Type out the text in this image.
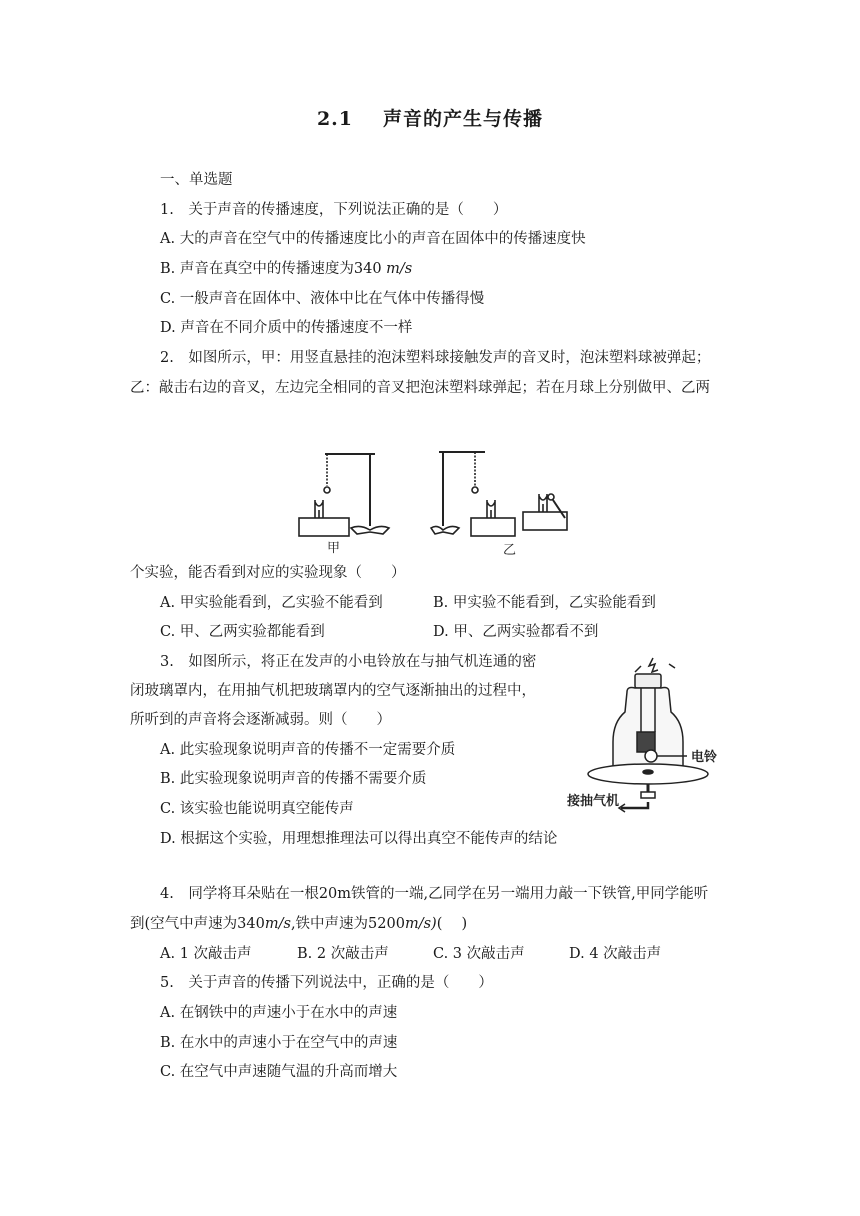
2.1 声音的产生与传播
一、单选题
1.　关于声音的传播速度，下列说法正确的是（　　）
A. 大的声音在空气中的传播速度比小的声音在固体中的传播速度快
B. 声音在真空中的传播速度为340 m/s
C. 一般声音在固体中、液体中比在气体中传播得慢
D. 声音在不同介质中的传播速度不一样
2.　如图所示，甲：用竖直悬挂的泡沫塑料球接触发声的音叉时，泡沫塑料球被弹起；
乙：敲击右边的音叉，左边完全相同的音叉把泡沫塑料球弹起；若在月球上分别做甲、乙两
甲	乙
个实验，能否看到对应的实验现象（　　）
A. 甲实验能看到，乙实验不能看到	B. 甲实验不能看到，乙实验能看到
C. 甲、乙两实验都能看到	D. 甲、乙两实验都看不到
3.　如图所示，将正在发声的小电铃放在与抽气机连通的密
闭玻璃罩内，在用抽气机把玻璃罩内的空气逐渐抽出的过程中，
所听到的声音将会逐渐减弱。则（　　）
A. 此实验现象说明声音的传播不一定需要介质
B. 此实验现象说明声音的传播不需要介质
C. 该实验也能说明真空能传声
D. 根据这个实验，用理想推理法可以得出真空不能传声的结论
电铃
接抽气机
4.　同学将耳朵贴在一根20m铁管的一端,乙同学在另一端用力敲一下铁管,甲同学能听
到(空气中声速为340m/s,铁中声速为5200m/s)(　 )
A. 1 次敲击声	B. 2 次敲击声	C. 3 次敲击声	D. 4 次敲击声
5.　关于声音的传播下列说法中，正确的是（　　）
A. 在钢铁中的声速小于在水中的声速
B. 在水中的声速小于在空气中的声速
C. 在空气中声速随气温的升高而增大
